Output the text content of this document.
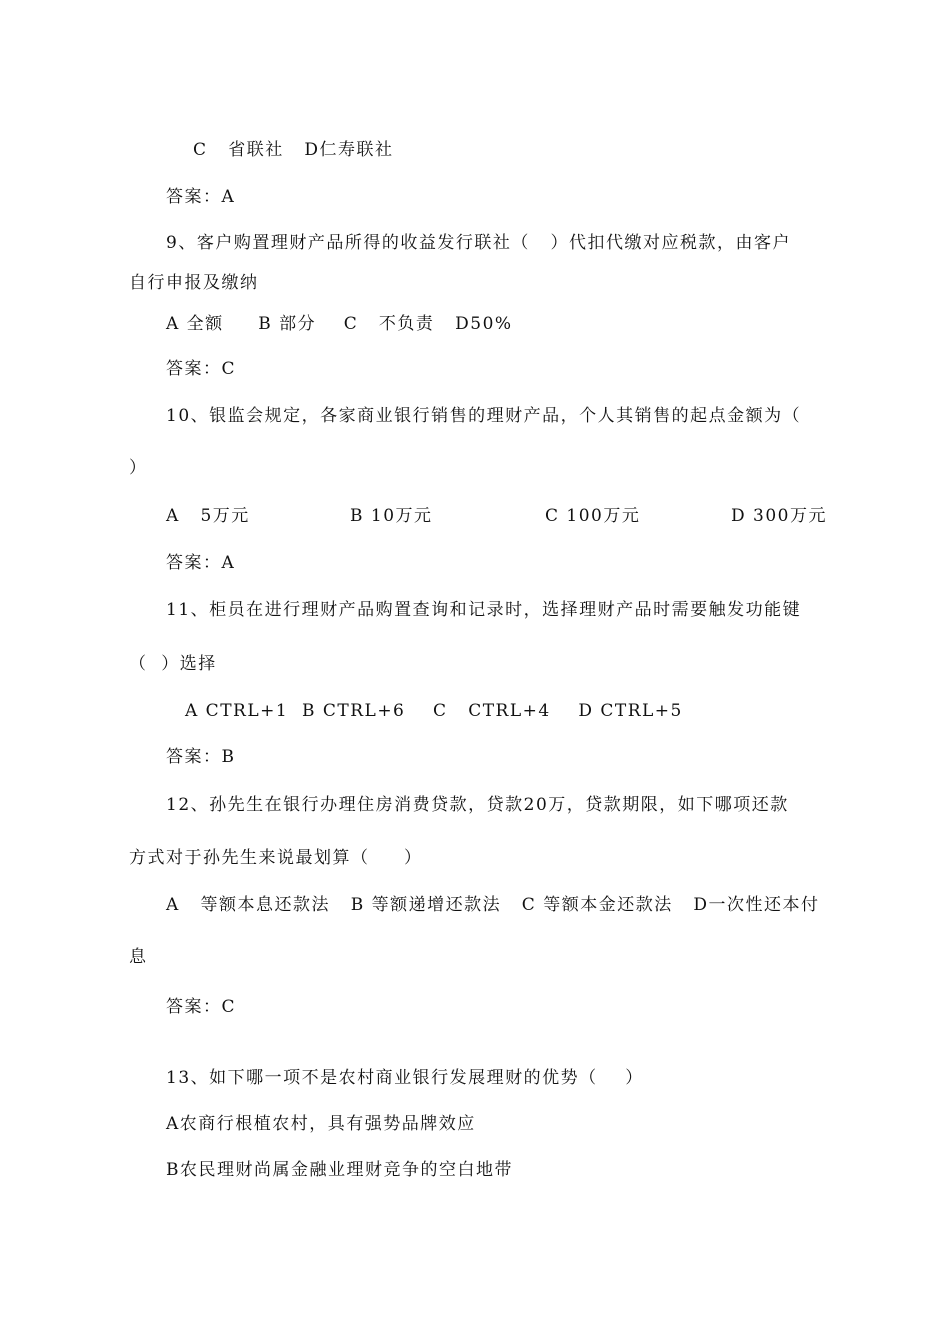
C   省联社   D仁寿联社
答案：A
9、客户购置理财产品所得的收益发行联社（   ）代扣代缴对应税款，由客户
自行申报及缴纳
A 全额     B 部分    C   不负责   D50%
答案：C
10、银监会规定，各家商业银行销售的理财产品，个人其销售的起点金额为（
）

A   5万元

	B 10万元

	C 100万元

	D 300万元

答案：A
11、柜员在进行理财产品购置查询和记录时，选择理财产品时需要触发功能键
（  ）选择
A CTRL+1  B CTRL+6    C   CTRL+4    D CTRL+5
答案：B
12、孙先生在银行办理住房消费贷款，贷款20万，贷款期限，如下哪项还款
方式对于孙先生来说最划算（     ）
A   等额本息还款法   B 等额递增还款法   C 等额本金还款法   D一次性还本付
息
答案：C
13、如下哪一项不是农村商业银行发展理财的优势（    ）
A农商行根植农村，具有强势品牌效应
B农民理财尚属金融业理财竞争的空白地带
